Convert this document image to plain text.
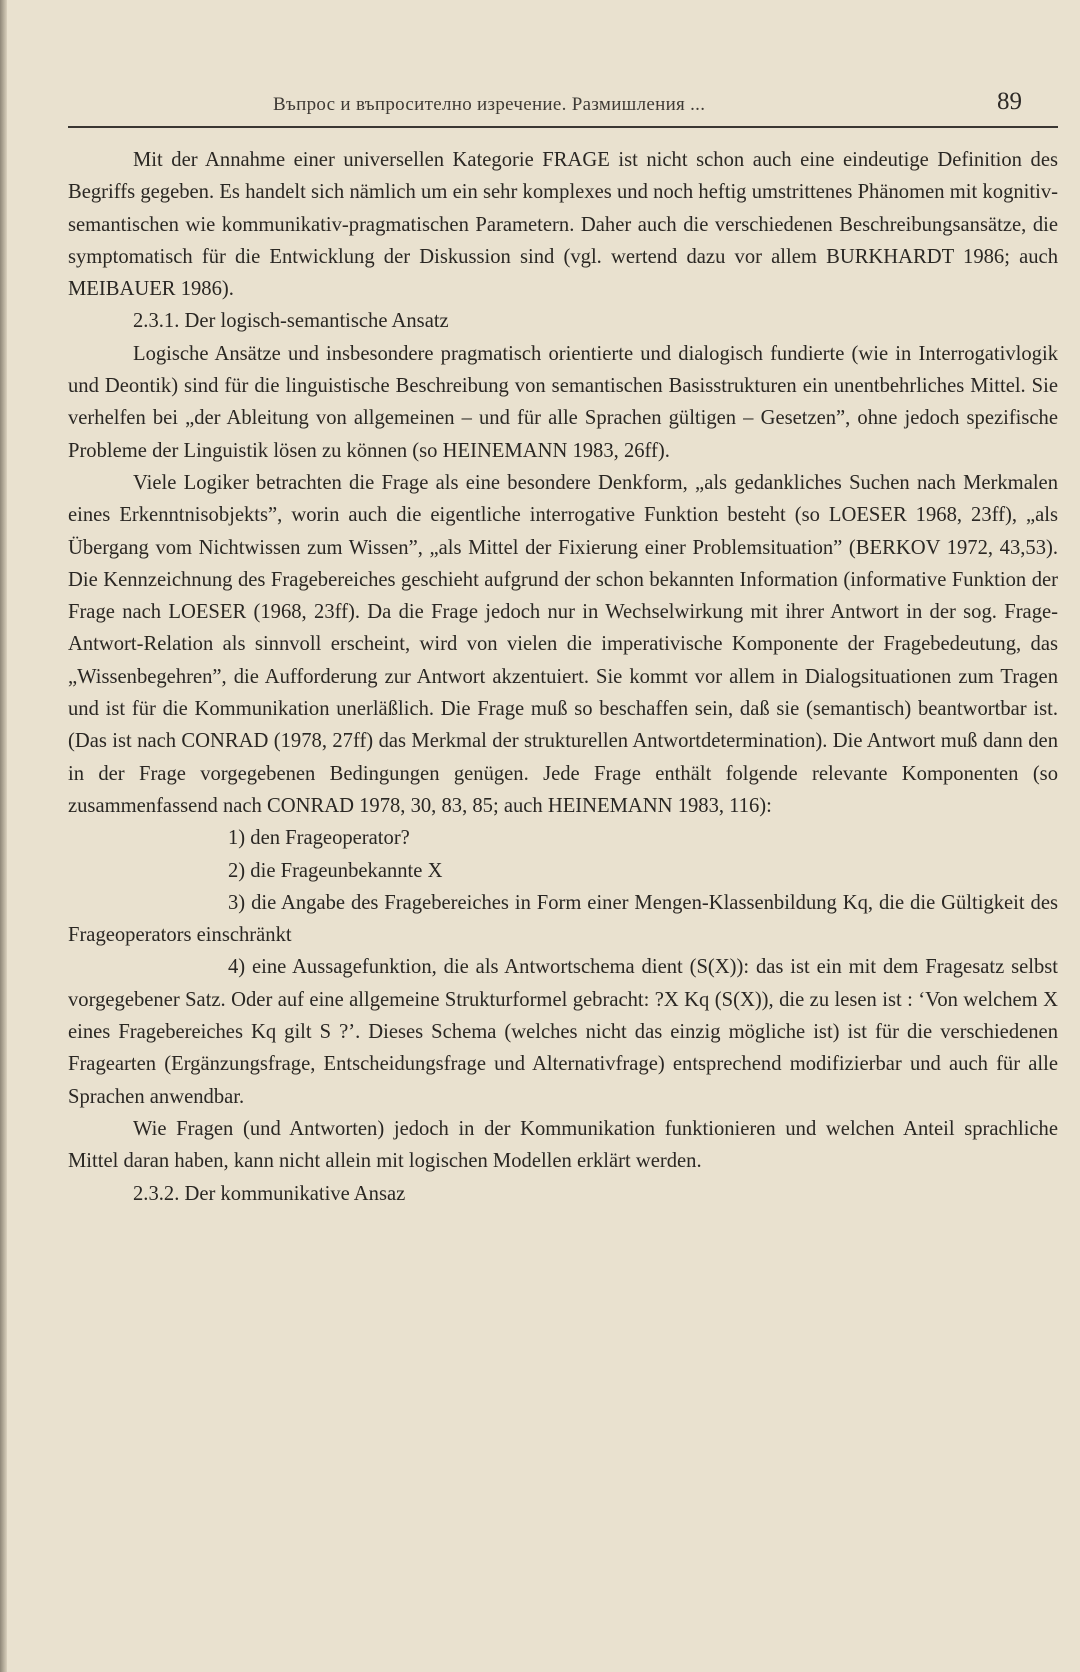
Въпрос и въпросително изречение. Размишления ...	89

Mit der Annahme einer universellen Kategorie FRAGE ist nicht schon auch eine eindeutige Definition des Begriffs gegeben. Es handelt sich nämlich um ein sehr komplexes und noch heftig umstrittenes Phänomen mit kognitiv-semantischen wie kommunikativ-pragmatischen Parametern. Daher auch die verschiedenen Beschreibungsansätze, die symptomatisch für die Entwicklung der Diskussion sind (vgl. wertend dazu vor allem BURKHARDT 1986; auch MEIBAUER 1986).

2.3.1. Der logisch-semantische Ansatz

Logische Ansätze und insbesondere pragmatisch orientierte und dialogisch fundierte (wie in Interrogativlogik und Deontik) sind für die linguistische Beschreibung von semantischen Basisstrukturen ein unentbehrliches Mittel. Sie verhelfen bei „der Ableitung von allgemeinen – und für alle Sprachen gültigen – Gesetzen”, ohne jedoch spezifische Probleme der Linguistik lösen zu können (so HEINEMANN 1983, 26ff).

Viele Logiker betrachten die Frage als eine besondere Denkform, „als gedankliches Suchen nach Merkmalen eines Erkenntnisobjekts”, worin auch die eigentliche interrogative Funktion besteht (so LOESER 1968, 23ff), „als Übergang vom Nichtwissen zum Wissen”, „als Mittel der Fixierung einer Problemsituation” (BERKOV 1972, 43,53). Die Kennzeichnung des Fragebereiches geschieht aufgrund der schon bekannten Information (informative Funktion der Frage nach LOESER (1968, 23ff). Da die Frage jedoch nur in Wechselwirkung mit ihrer Antwort in der sog. Frage-Antwort-Relation als sinnvoll erscheint, wird von vielen die imperativische Komponente der Fragebedeutung, das „Wissenbegehren”, die Aufforderung zur Antwort akzentuiert. Sie kommt vor allem in Dialogsituationen zum Tragen und ist für die Kommunikation unerläßlich. Die Frage muß so beschaffen sein, daß sie (semantisch) beantwortbar ist. (Das ist nach CONRAD (1978, 27ff) das Merkmal der strukturellen Antwortdetermination). Die Antwort muß dann den in der Frage vorgegebenen Bedingungen genügen. Jede Frage enthält folgende relevante Komponenten (so zusammenfassend nach CONRAD 1978, 30, 83, 85; auch HEINEMANN 1983, 116):

1) den Frageoperator?

2) die Frageunbekannte X

3) die Angabe des Fragebereiches in Form einer Mengen-Klassenbildung Kq, die die Gültigkeit des Frageoperators einschränkt

4) eine Aussagefunktion, die als Antwortschema dient (S(X)): das ist ein mit dem Fragesatz selbst vorgegebener Satz. Oder auf eine allgemeine Strukturformel gebracht: ?X Kq (S(X)), die zu lesen ist : ‘Von welchem X eines Fragebereiches Kq gilt S ?’. Dieses Schema (welches nicht das einzig mögliche ist) ist für die verschiedenen Fragearten (Ergänzungsfrage, Entscheidungsfrage und Alternativfrage) entsprechend modifizierbar und auch für alle Sprachen anwendbar.

Wie Fragen (und Antworten) jedoch in der Kommunikation funktionieren und welchen Anteil sprachliche Mittel daran haben, kann nicht allein mit logischen Modellen erklärt werden.

2.3.2. Der kommunikative Ansaz
